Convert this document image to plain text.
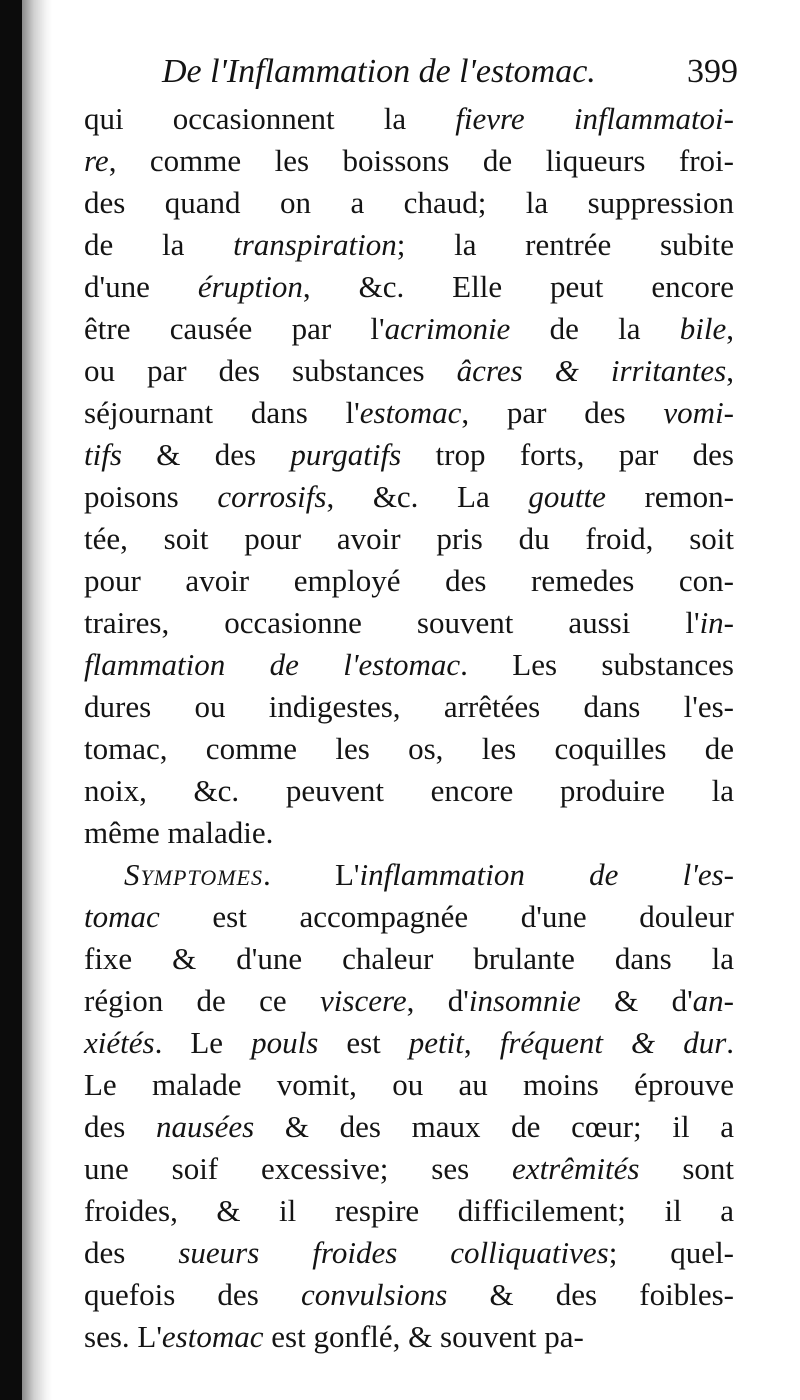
De l'Inflammation de l'estomac.	399
qui occasionnent la fievre inflammatoi-
re, comme les boissons de liqueurs froi-
des quand on a chaud; la suppression
de la transpiration; la rentrée subite
d'une éruption, &c. Elle peut encore
être causée par l'acrimonie de la bile,
ou par des substances âcres & irritantes,
séjournant dans l'estomac, par des vomi-
tifs & des purgatifs trop forts, par des
poisons corrosifs, &c. La goutte remon-
tée, soit pour avoir pris du froid, soit
pour avoir employé des remedes con-
traires, occasionne souvent aussi l'in-
flammation de l'estomac. Les substances
dures ou indigestes, arrêtées dans l'es-
tomac, comme les os, les coquilles de
noix, &c. peuvent encore produire la
même maladie.
Symptomes. L'inflammation de l'es-
tomac est accompagnée d'une douleur
fixe & d'une chaleur brulante dans la
région de ce viscere, d'insomnie & d'an-
xiétés. Le pouls est petit, fréquent & dur.
Le malade vomit, ou au moins éprouve
des nausées & des maux de cœur; il a
une soif excessive; ses extrêmités sont
froides, & il respire difficilement; il a
des sueurs froides colliquatives; quel-
quefois des convulsions & des foibles-
ses. L'estomac est gonflé, & souvent pa-
